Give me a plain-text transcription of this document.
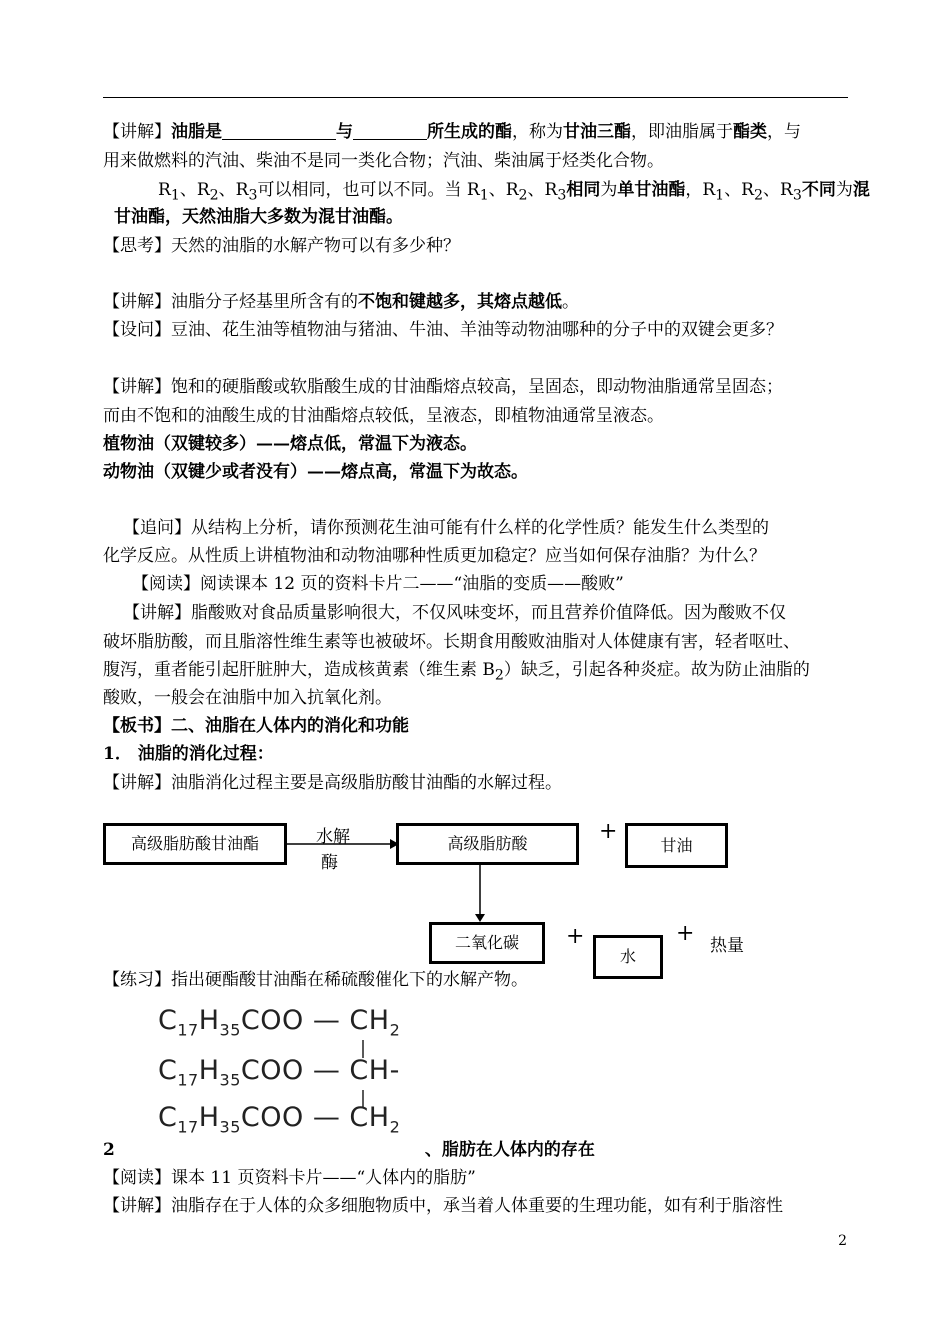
【讲解】油脂是	与	所生成的酯，称为甘油三酯，即油脂属于酯类，与
用来做燃料的汽油、柴油不是同一类化合物；汽油、柴油属于烃类化合物。
$R_1$、$R_2$、$R_3$可以相同，也可以不同。当 $R_1$、$R_2$、$R_3$相同为单甘油酯，$R_1$、$R_2$、$R_3$不同为混
甘油酯，天然油脂大多数为混甘油酯。
【思考】天然的油脂的水解产物可以有多少种？
【讲解】油脂分子烃基里所含有的不饱和键越多，其熔点越低。
【设问】豆油、花生油等植物油与猪油、牛油、羊油等动物油哪种的分子中的双键会更多？
【讲解】饱和的硬脂酸或软脂酸生成的甘油酯熔点较高，呈固态，即动物油脂通常呈固态；
而由不饱和的油酸生成的甘油酯熔点较低，呈液态，即植物油通常呈液态。
植物油（双键较多）——熔点低，常温下为液态。
动物油（双键少或者没有）——熔点高，常温下为故态。
【追问】从结构上分析，请你预测花生油可能有什么样的化学性质？能发生什么类型的
化学反应。从性质上讲植物油和动物油哪种性质更加稳定？应当如何保存油脂？为什么？
【阅读】阅读课本 12 页的资料卡片二——“油脂的变质——酸败”
【讲解】脂酸败对食品质量影响很大，不仅风味变坏，而且营养价值降低。因为酸败不仅
破坏脂肪酸，而且脂溶性维生素等也被破坏。长期食用酸败油脂对人体健康有害，轻者呕吐、
腹泻，重者能引起肝脏肿大，造成核黄素（维生素 $B_2$）缺乏，引起各种炎症。故为防止油脂的
酸败，一般会在油脂中加入抗氧化剂。
【板书】二、油脂在人体内的消化和功能
1． 油脂的消化过程：
【讲解】油脂消化过程主要是高级脂肪酸甘油酯的水解过程。
高级脂肪酸甘油酯	水解
酶
高级脂肪酸	+
甘油
二氧化碳	+
水
+ 热量
【练习】指出硬酯酸甘油酯在稀硫酸催化下的水解产物。
$C_{17}H_{35}COO$ — $CH_2$
$C_{17}H_{35}COO$ — CH-
$C_{17}H_{35}COO$ — $CH_2$
2	、脂肪在人体内的存在
【阅读】课本 11 页资料卡片——“人体内的脂肪”
【讲解】油脂存在于人体的众多细胞物质中，承当着人体重要的生理功能，如有利于脂溶性
2
